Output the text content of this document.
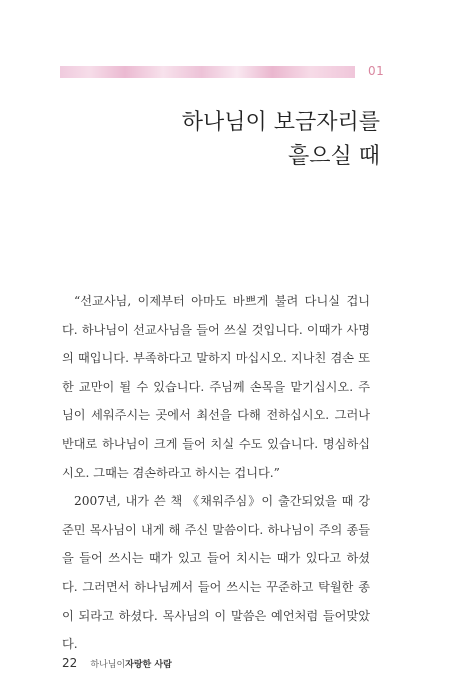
01
하나님이 보금자리를
흩으실 때

“선교사님, 이제부터 아마도 바쁘게 불려 다니실 겁니다. 하나님이 선교사님을 들어 쓰실 것입니다. 이때가 사명의 때입니다. 부족하다고 말하지 마십시오. 지나친 겸손 또한 교만이 될 수 있습니다. 주님께 손목을 맡기십시오. 주님이 세워주시는 곳에서 최선을 다해 전하십시오. 그러나 반대로 하나님이 크게 들어 치실 수도 있습니다. 명심하십시오. 그때는 겸손하라고 하시는 겁니다.”

2007년, 내가 쓴 책 《채워주심》이 출간되었을 때 강준민 목사님이 내게 해 주신 말씀이다. 하나님이 주의 종들을 들어 쓰시는 때가 있고 들어 치시는 때가 있다고 하셨다. 그러면서 하나님께서 들어 쓰시는 꾸준하고 탁월한 종이 되라고 하셨다. 목사님의 이 말씀은 예언처럼 들어맞았다.

22 하나님이자랑한 사람
